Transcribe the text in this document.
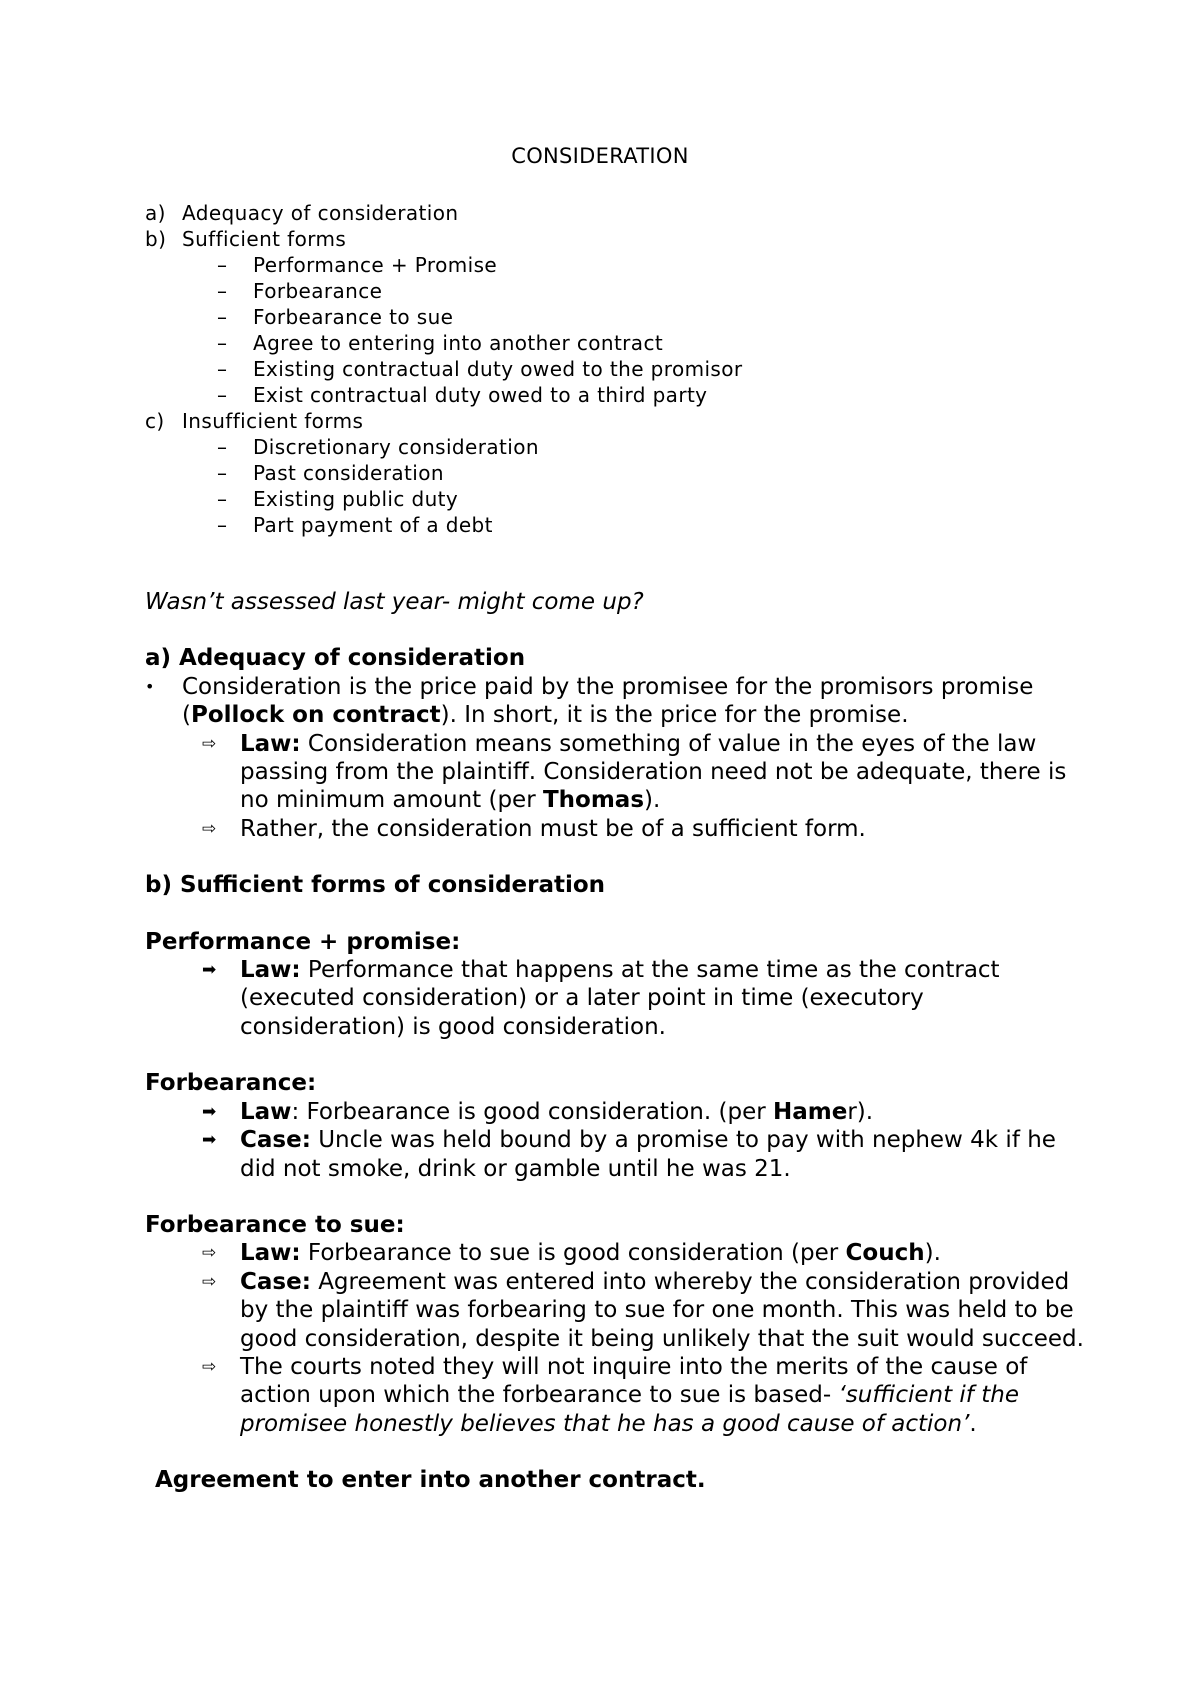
CONSIDERATION
a) Adequacy of consideration
b) Sufficient forms
– Performance + Promise
– Forbearance
– Forbearance to sue
– Agree to entering into another contract
– Existing contractual duty owed to the promisor
– Exist contractual duty owed to a third party
c) Insufficient forms
– Discretionary consideration
– Past consideration
– Existing public duty
– Part payment of a debt

Wasn’t assessed last year- might come up?

a) Adequacy of consideration

•	Consideration is the price paid by the promisee for the promisors promise (Pollock on contract). In short, it is the price for the promise.
⇨	Law: Consideration means something of value in the eyes of the law passing from the plaintiff. Consideration need not be adequate, there is no minimum amount (per Thomas).
⇨	Rather, the consideration must be of a sufficient form.

b) Sufficient forms of consideration

Performance + promise:

➡	Law: Performance that happens at the same time as the contract (executed consideration) or a later point in time (executory consideration) is good consideration.

Forbearance:

➡	Law: Forbearance is good consideration. (per Hamer).
➡	Case: Uncle was held bound by a promise to pay with nephew 4k if he did not smoke, drink or gamble until he was 21.

Forbearance to sue:

⇨	Law: Forbearance to sue is good consideration (per Couch).
⇨	Case: Agreement was entered into whereby the consideration provided by the plaintiff was forbearing to sue for one month. This was held to be good consideration, despite it being unlikely that the suit would succeed.
⇨	The courts noted they will not inquire into the merits of the cause of action upon which the forbearance to sue is based- ‘sufficient if the promisee honestly believes that he has a good cause of action’.

Agreement to enter into another contract.
